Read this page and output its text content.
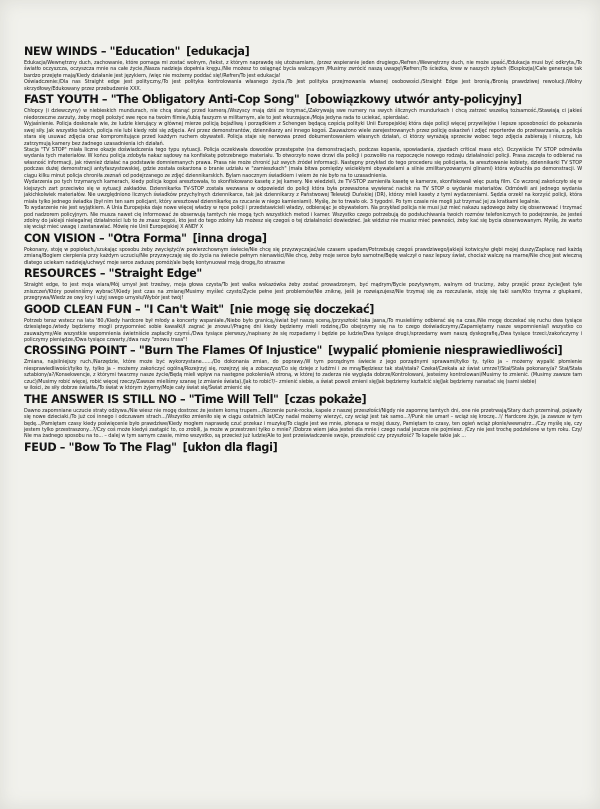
NEW WINDS – "Education" [edukacja]

Edukacja/Wewnętrzny duch, zachowanie, które pomaga mi zostać wolnym, /tekst, z którym naprawdę się utożsamiam, /przez wspieranie jeden drugiego./Refren:/Wewnętrzny duch, nie może upaść./Edukacja musi być odkryta,/To światło oczyszcza, oczyszcza mnie na całe życie./Nasza nadzieja dopełnia kręgu./Nie możesz to osiągnąć bycia walczącym /Musimy zwrócić naszą uwagę!/Refren:/To ścieżka, krew w naszych żyłach (Eksplozja)/Całe generacje tak bardzo przejęte mają/Kiedy działanie jest językiem, /więc nie możemy poddać się!/Refren/To jest edukacja!

Oświadczenie:/Dla nas Straight edge jest polityczny./To jest polityka kontrolowania własnego życia./To jest polityka przejmowania własnej osobowości./Straight Edge jest bronią./Bronią prawdziwej rewolucji./Wolny skrzydłowy/Edukowany przez przebudzenie XXX.

FAST YOUTH – "The Obligatory Anti-Cop Song" [obowiązkowy utwór anty-policyjny]

Chłopcy (i dziewczyny) w niebieskich mundurach, nie chcą stanąć przed kamerą./Wszyscy mają dziś ze trzymać,/Zakrywają swe numery na swych ślicznych mundurkach i chcą zatrzeć wszelką tożsamość./Stawiają ci jakieś niedorzeczne zarzuty, żeby mogli polożyć swe ręce na twoim filmie,/lubią faszyzm w militarnym, ale to jest wkurzające./Moja jedyna rada to uciekać, spierdalać.

Wyjaśnienie. Policja doskonale wie, że ludzie kierujący w głównej mierze policją bojaźliwą i porządkiem z Schengen będącą częścią polityki Unii Europejskiej która daje policji więcej przywilejów i lepsze sposobności do pokazania swej siły. Jak wszystko takich, policja nie lubi kiedy robi się zdjęcia. Ani przez demonstrantów, dziennikarzy ani innego kogoś. Zauważono wiele zarejestrowanych przez policję oskarżeń i zdjęć reporterów do przetwarzania, a policja stara się usuwać zdjęcia oraz kompromitujące przed każdym ruchem obywateli. Policja staje się nerwowa przed dokumentowaniem własnych działań, ci którzy wyrażają sprzeciw wobec tego zdjęcia zabierają i niszczą, lub zatrzymują kamery bez żadnego uzasadnienia ich działań.

Stacja "TV STOP" miała liczne okazje doświadczenia tego typu sytuacji. Policja oczekiwała dowodów przestępstw (na demonstracjach, podczas kopania, spowiadania, zjazdach critical mass etc). Oczywiście TV STOP odmówiła wydania tych materiałów. W końcu policja zdobyła nakaz sądowy na konfiskatę potrzebnego materiału. To otworzyło nowe drzwi dla policji i pozwoliło na rozpoczęcie nowego rodzaju działalności policji. Prasa zaczęła to odbierać na własność informacji, jak również działać na podstawie domniemanych prawa. Prasa nie może chronić już swych źródeł informacji. Następny przykład do tego procederu się policjanta, ta aresztowanie kobiety, dziennikarki TV STOP podczas dużej demonstracji antyfaszystowskiej, gdzie została oskarżona o branie udziału w "zamieszkach" (mała bitwa pomiędzy wściekłymi obywatelami a silnie zmilitaryzowanymi glinami) która wybuchła po demonstracji. W ciągu kilku minut policja chroniła zeznań od podejrzanego ze zdjęć dziennikarskich. Bylam naocznym świadkiem i wiem że nie było na to uzasadnienia.

Wydarzenia po tych trzymanych kamerach, kiedy policja kogoś aresztowała, to skonfiskowano kasetę z jej kamery. Nie wiedzieli, że TV-STOP zamieniła kasetę w kamerze, skonfiskowali więc pustą film. Co wczoraj zakończyło się w kiejszych zart przeciwko się w sytuacji zakładów. Dziennikarka TV-STOP została wezwana w odpowiedzi do policji która była przeważona wywierać nacisk na TV STOP o wydanie materiałów. Odmówili ani jednego wydania jakichkolwiek materiałów. Nie uwzględniono licznych świadków przychylnych dziennikarce, tak jak dziennikarzy z Państwowej Telewizji Duńskiej (DR), którzy mieli kasety z tymi wydarzeniami. Sędzia orzekł na korzyść policji, która miała tylko jednego świadka (był nim ten sam policjant, który aresztował dziennikarkę za rzucanie w niego kamieniami). Myślę, że to trwało ok. 3 tygodni. Po tym czasie nie mogli już trzymać jej za kratkami legalnie.

To wydarzenie nie jest wyjątkiem. A Unia Europejska daje nowe więcej władzy w ręce policji i przedstawicieli władzy, odbierając je obywatelom. Na przykład policja nie musi już mieć nakazu sądowego żeby cię obserwować i trzymać pod nadzorem policyjnym. Nie musza nawet cię informować że obserwują tamtych nie mogą tych wszystkich metod i kamer. Wszystko czego potrzebują do podsłuchiwania twoich rozmów telefonicznych to podejrzenie, że jesteś zdolny do jakiejś nielegalnej działalności lub to że znasz kogoś, kto jest do tego zdolny lub możesz się czegoś o tej działalności dowiedzieć. Jak widzisz nie musisz mieć pewności, żeby kać się bycia obserwowanym. Myślę, że warto się wciąż mieć uwagę i zastanawiać. Mówię nie Unii Europejskiej X ANDY X

CON VISION – "Otra Forma" [inna droga]

Pokonany, stoję w popiołach,/szukając sposobu żeby zwyciężyć/w powierzchownym świecie/Nie chcę się przyzwyczajać/ale czasem upadam/Potrzebuję czegoś prawdziwego/jakiejś kotwicy/w głębi mojej duszy/Zaplacę nad każdą zmianą/Bogiem cierpienia przy każdym uczuciu/Nie przyzwyczaję się do życia na świecie pełnym nienawiści/Nie chcę, żeby moje serce było samotne/Będę walczył o nasz lepszy świat, chociaż walczę na marne/Nie chcę jest wieczną dlatego uciekam nadzieją/uchwyć moje serce zaduszę pomóż/ale będę kontynuował moją drogę,/to straszne

RESOURCES – "Straight Edge"

Straight edge, to jest moja wiara/Mój umysł jest trzeźwy, moja głowa czysta/To jest walka wskazówka żeby zostać prowadzonym, być mądrym/Bycie pozytywnym, walnym od trucizny, żeby przejść przez życie/Jest tyle zniszczeń/Który powinniśmy wybrać?/Kiedy jest czas na zmianę/Musimy myśleć czysto/Życie pełne jest problemów/Nie zniknę, jeśli je rozwiązujesz/Nie trzymaj się za rozczulanie, stoję się taki sam/Kto trzyma z głupkami, przegrywa/Wiedz ze owy kry i użyj swego umysłu/Wybór jest twój!

GOOD CLEAN FUN – "I Can't Wait" [nie mogę się doczekać]

Potrzeb teraz wstecz na lata '80./Kiedy hardcore był młody a koncerty wspaniałe./Niebo było granicą,/świat był naszą sceną./przyszłość taka jasna,/To musieliśmy odbierać się na czas./Nie mogę doczekać się ruchu dwa tysiące dziesiątego./wtedy będziemy mogli przypomnieć sobie kawałki/I zagrać je znowu!/Pragnę dni kiedy będziemy mieli rodzinę,/Do obejrzymy się na to czego doświadczymy./Zapamiętamy nasze wspomnienia/I wszystko co zauważymy/Ale wszystkie wspomnienia świetniście zapłaciły czymś./Dwa tysiące pierwszy,/napisany że się rozpadamy i będzie po ludzie/Dwa tysiące drugi:/sprzedamy wam naszą dyskografię,/Dwa tysiące trzeci:/zakończymy i policzymy pieniądze./Dwa tysiące czwarty,/dwa razy "znowu trasa"!

CROSSING POINT – "Burn The Flames Of Injustice" [wypalić płomienie niesprawiedliwości]

Zmiana, najsilniejszy ruch./Narzędzie, które może być wykorzystane......./Do dokonania zmian, do poprawy./W tym porządnym świecie z jego porządnymi sprawami/tylko ty, tylko ja – możemy wypalić płomienie niesprawiedliwości/tylko ty, tylko ja – możemy zakończyć ogólną/Rozejrzyj się, rozejrzyj się a zobaczysz/Co się dzieje z ludźmi i ze mną/Będziesz tak stał/stała? Czekał/Czekała aż świat umrze?/Stał/Stała pokonany/a? Stał/Stała sztabiony/a?/Konsekwencje, z którymi twarzmy nasze życie/Będą mieli wpływ na następne pokolenie/A stroną, w której to zaderza nie wygląda dobrze/Kontrolowani, jesteśmy kontrolowani/Musimy to zmienić. (Musimy zawsze tam czuć)/Musimy robić więcej, robić więcej rzeczy/Zawsze mieliśmy szansę (z zmianie świata)./Jak to robić?/– zmienić siebie, a świat powoli zmieni się/Jak będziemy kształcić się/Jak będziemy narastać się (sami siebie)

w ilości, że siły dobrze światła./To świat w którym żyjemy/Moje cały świat się/Świat zmienić się

THE ANSWER IS STILL NO – "Time Will Tell" [czas pokaże]

Dawno zapomniane uczucie straty odżywa./Nie wiesz nie mogę dostrzec że jestem korną trupem.../Korzenie punk-rocka, kapele z naszej przeszłości/Nigdy nie zapomnę tamtych dni, one nie przetrwają/Stary duch przeminął, pojawiły się nowe dzieciaki./To już coś innego i odczuwam strach.../Wszystko zmieniło się w ciągu ostatnich lat/Czy nadal możemy wierzyć, czy wciąż jest tak samo...?/Punk nie umarł – wciąż się kroczę...!/ Hardcore żyje, ja zawsze w tym będę.../Pamiętam czasy kiedy poświęcenie było prawdziwe/Kiedy mogłem naprawdę czuć przekaz i muzykę/To ciągle jest we mnie, płonąca w mojej duszy, Pamiętam to czasy, ten ogień wciąż płonie/wewnątrz.../Czy myślę się, czy jestem tylko przestraszony...?/Czy coś może kiedyś zastąpić to, co zrobili, ja może w przestrzeni tylko o mnie? /Dobrze wiem jaka jesteś dla mnie i czego nadal jeszcze nie pojmiesz. /Czy nie jest trochę podzielone w tym roku. Czy/ Nie ma żadnego sposobu na to... – dalej w tym samym czasie, mimo wszystko, są przecież już ludzie/Ale to jest przeświadczenie swoje, przeszłość czy przyszłość? To kapele takie jak ...

FEUD – "Bow To The Flag" [ukłon dla flagi]
